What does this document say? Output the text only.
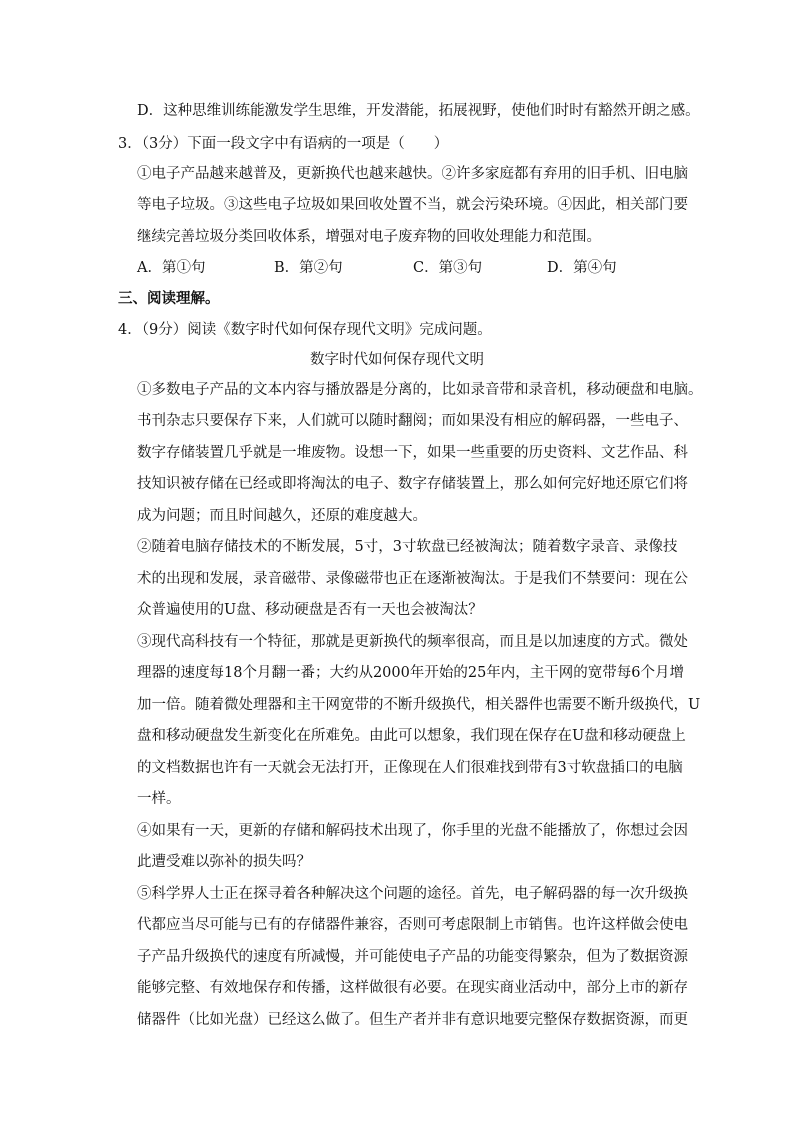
D．这种思维训练能激发学生思维，开发潜能，拓展视野，使他们时时有豁然开朗之感。
3．（3分）下面一段文字中有语病的一项是（　　）
①电子产品越来越普及，更新换代也越来越快。②许多家庭都有弃用的旧手机、旧电脑
等电子垃圾。③这些电子垃圾如果回收处置不当，就会污染环境。④因此，相关部门要
继续完善垃圾分类回收体系，增强对电子废弃物的回收处理能力和范围。
A．第①句	B．第②句	C．第③句	D．第④句
三、阅读理解。
4．（9分）阅读《数字时代如何保存现代文明》完成问题。
数字时代如何保存现代文明
①多数电子产品的文本内容与播放器是分离的，比如录音带和录音机，移动硬盘和电脑。
书刊杂志只要保存下来，人们就可以随时翻阅；而如果没有相应的解码器，一些电子、
数字存储装置几乎就是一堆废物。设想一下，如果一些重要的历史资料、文艺作品、科
技知识被存储在已经或即将淘汰的电子、数字存储装置上，那么如何完好地还原它们将
成为问题；而且时间越久，还原的难度越大。
②随着电脑存储技术的不断发展，5寸，3寸软盘已经被淘汰；随着数字录音、录像技
术的出现和发展，录音磁带、录像磁带也正在逐渐被淘汰。于是我们不禁要问：现在公
众普遍使用的U盘、移动硬盘是否有一天也会被淘汰？
③现代高科技有一个特征，那就是更新换代的频率很高，而且是以加速度的方式。微处
理器的速度每18个月翻一番；大约从2000年开始的25年内，主干网的宽带每6个月增
加一倍。随着微处理器和主干网宽带的不断升级换代，相关器件也需要不断升级换代，U
盘和移动硬盘发生新变化在所难免。由此可以想象，我们现在保存在U盘和移动硬盘上
的文档数据也许有一天就会无法打开，正像现在人们很难找到带有3寸软盘插口的电脑
一样。
④如果有一天，更新的存储和解码技术出现了，你手里的光盘不能播放了，你想过会因
此遭受难以弥补的损失吗？
⑤科学界人士正在探寻着各种解决这个问题的途径。首先，电子解码器的每一次升级换
代都应当尽可能与已有的存储器件兼容，否则可考虑限制上市销售。也许这样做会使电
子产品升级换代的速度有所减慢，并可能使电子产品的功能变得繁杂，但为了数据资源
能够完整、有效地保存和传播，这样做很有必要。在现实商业活动中，部分上市的新存
储器件（比如光盘）已经这么做了。但生产者并非有意识地要完整保存数据资源，而更
